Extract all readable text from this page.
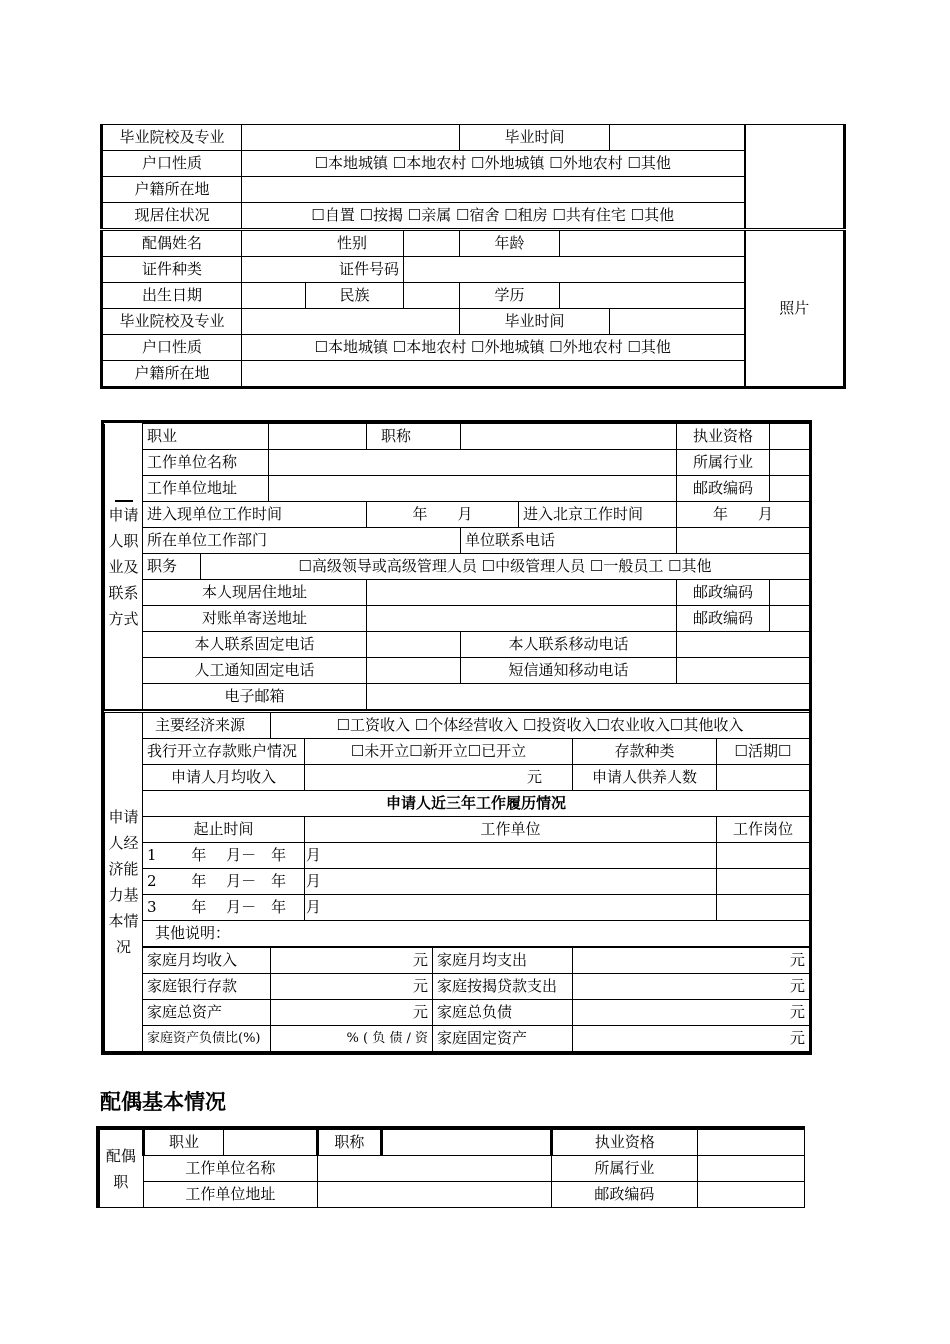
毕业院校及专业				毕业时间			
户口性质	☐本地城镇 ☐本地农村 ☐外地城镇 ☐外地农村 ☐其他						
户籍所在地							
现居住状况	☐自置 ☐按揭 ☐亲属 ☐宿舍 ☐租房 ☐共有住宅 ☐其他						
配偶姓名	性别			年龄			照片
证件种类	证件号码						
出生日期		民族		学历			
毕业院校及专业				毕业时间			
户口性质	☐本地城镇 ☐本地农村 ☐外地城镇 ☐外地农村 ☐其他						
户籍所在地							
申请人职业及联系方式	职业			职称			执业资格	
	工作单位名称						所属行业	
	工作单位地址						邮政编码	
	进入现单位工作时间			年　　月		进入北京工作时间	年　　月	
	所在单位工作部门				单位联系电话			
	职务	☐高级领导或高级管理人员 ☐中级管理人员 ☐一般员工 ☐其他						
	本人现居住地址						邮政编码	
	对账单寄送地址						邮政编码	
	本人联系固定电话				本人联系移动电话			
	人工通知固定电话				短信通知移动电话			
	电子邮箱							
申请人经济能力基本情况	主要经济来源	☐工资收入 ☐个体经营收入 ☐投资收入☐农业收入☐其他收入				
	我行开立存款账户情况		☐未开立☐新开立☐已开立		存款种类	☐活期☐
	申请人月均收入		元		申请人供养人数	
	申请人近三年工作履历情况					
	起止时间		工作单位			工作岗位
	1　　 年　 月－　年　 月					
	2　　 年　 月－　年　 月					
	3　　 年　 月－　年　 月					
	其他说明：					
	家庭月均收入	元		家庭月均支出	元	
	家庭银行存款	元		家庭按揭贷款支出	元	
	家庭总资产	元		家庭总负债	元	
	家庭资产负债比(%)	% ( 负 债 / 资		家庭固定资产	元	
配偶基本情况
配偶职	职业		职称		执业资格	
	工作单位名称				所属行业	
	工作单位地址				邮政编码	
